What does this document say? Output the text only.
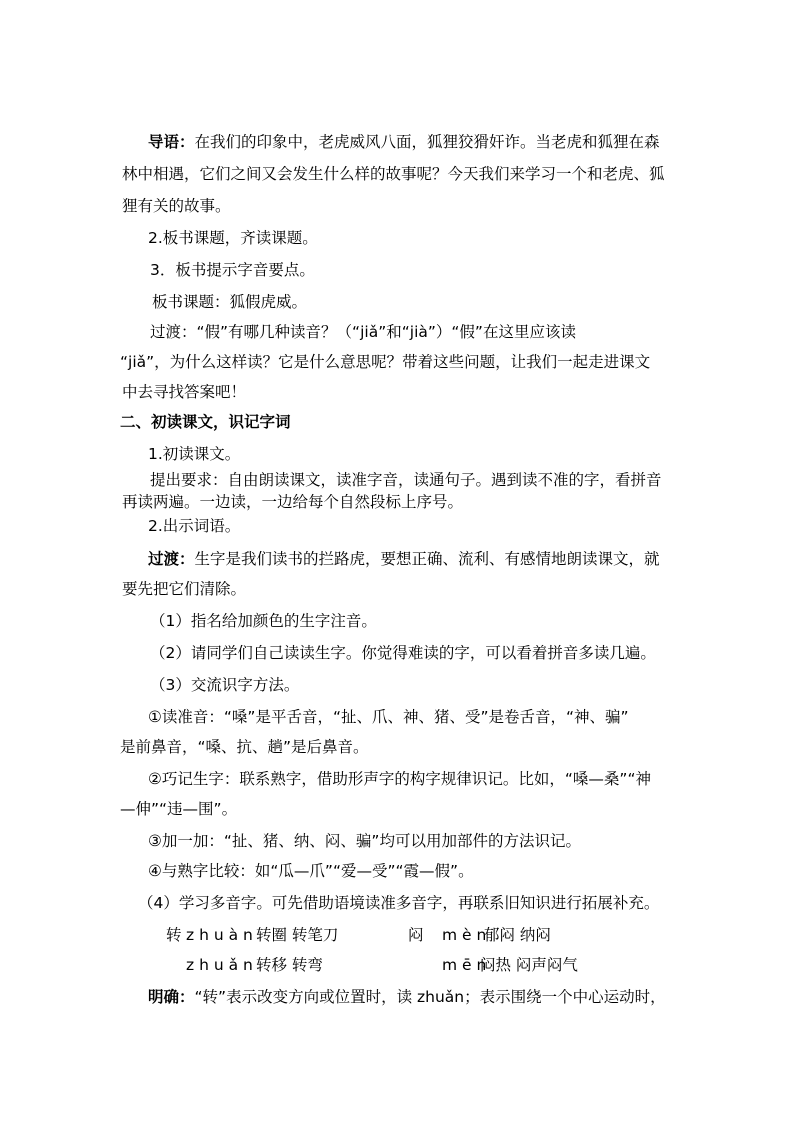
导语：在我们的印象中，老虎威风八面，狐狸狡猾奸诈。当老虎和狐狸在森
林中相遇，它们之间又会发生什么样的故事呢？今天我们来学习一个和老虎、狐
狸有关的故事。
2.板书课题，齐读课题。
3．板书提示字音要点。
板书课题：狐假虎威。
过渡：“假”有哪几种读音？（“jiǎ”和“jià”）“假”在这里应该读
“jiǎ”，为什么这样读？它是什么意思呢？带着这些问题，让我们一起走进课文
中去寻找答案吧！
二、初读课文，识记字词
1.初读课文。
提出要求：自由朗读课文，读准字音，读通句子。遇到读不准的字，看拼音
再读两遍。一边读，一边给每个自然段标上序号。
2.出示词语。
过渡：生字是我们读书的拦路虎，要想正确、流利、有感情地朗读课文，就
要先把它们清除。
（1）指名给加颜色的生字注音。
（2）请同学们自己读读生字。你觉得难读的字，可以看着拼音多读几遍。
（3）交流识字方法。
①读准音：“嗓”是平舌音，“扯、爪、神、猪、受”是卷舌音，“神、骗”
是前鼻音，“嗓、抗、趟”是后鼻音。
②巧记生字：联系熟字，借助形声字的构字规律识记。比如，“嗓—桑”“神
—伸”“违—围”。
③加一加：“扯、猪、纳、闷、骗”均可以用加部件的方法识记。
④与熟字比较：如“瓜—爪”“爱—受”“霞—假”。
（4）学习多音字。可先借助语境读准多音字，再联系旧知识进行拓展补充。
转 z h u à n 转圈 转笔刀	闷 m è n
郁闷 纳闷
z h u ǎ n 转移 转弯	m ē n
闷热 闷声闷气
明确：“转”表示改变方向或位置时，读 zhuǎn；表示围绕一个中心运动时，
